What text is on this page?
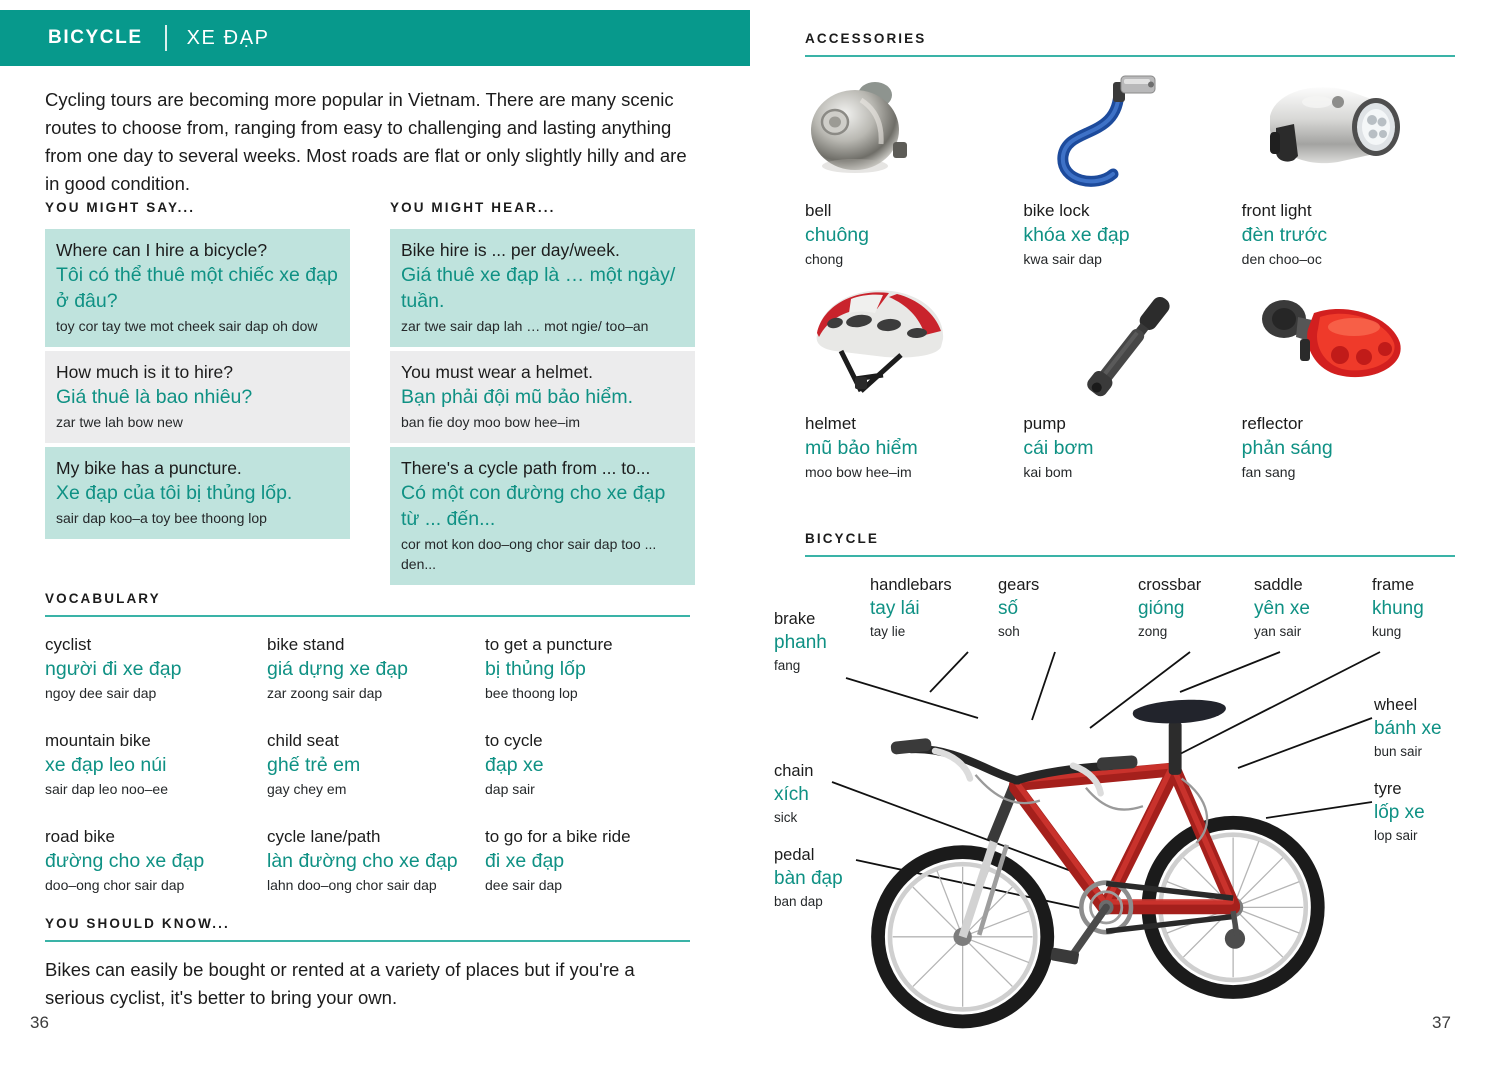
BICYCLE XE ĐẠP

Cycling tours are becoming more popular in Vietnam. There are many scenic routes to choose from, ranging from easy to challenging and lasting anything from one day to several weeks. Most roads are flat or only slightly hilly and are in good condition.

YOU MIGHT SAY...
Where can I hire a bicycle?
Tôi có thể thuê một chiếc xe đạp ở đâu?
toy cor tay twe mot cheek sair dap oh dow
How much is it to hire?
Giá thuê là bao nhiêu?
zar twe lah bow new
My bike has a puncture.
Xe đạp của tôi bị thủng lốp.
sair dap koo–a toy bee thoong lop
YOU MIGHT HEAR...
Bike hire is ... per day/week.
Giá thuê xe đạp là … một ngày/ tuần.
zar twe sair dap lah … mot ngie/ too–an
You must wear a helmet.
Bạn phải đội mũ bảo hiểm.
ban fie doy moo bow hee–im
There's a cycle path from ... to...
Có một con đường cho xe đạp từ ... đến...
cor mot kon doo–ong chor sair dap too ... den...
VOCABULARY
cyclist
người đi xe đạp
ngoy dee sair dap
bike stand
giá dựng xe đạp
zar zoong sair dap
to get a puncture
bị thủng lốp
bee thoong lop
mountain bike
xe đạp leo núi
sair dap leo noo–ee
child seat
ghế trẻ em
gay chey em
to cycle
đạp xe
dap sair
road bike
đường cho xe đạp
doo–ong chor sair dap
cycle lane/path
làn đường cho xe đạp
lahn doo–ong chor sair dap
to go for a bike ride
đi xe đạp
dee sair dap
YOU SHOULD KNOW...

Bikes can easily be bought or rented at a variety of places but if you're a serious cyclist, it's better to bring your own.

36
ACCESSORIES
bell
chuông
chong
bike lock
khóa xe đạp
kwa sair dap
front light
đèn trước
den choo–oc
helmet
mũ bảo hiểm
moo bow hee–im
pump
cái bơm
kai bom
reflector
phản sáng
fan sang
BICYCLE
brake
phanh
fang
handlebars
tay lái
tay lie
gears
số
soh
crossbar
gióng
zong
saddle
yên xe
yan sair
frame
khung
kung
wheel
bánh xe
bun sair
tyre
lốp xe
lop sair
chain
xích
sick
pedal
bàn đạp
ban dap
37
